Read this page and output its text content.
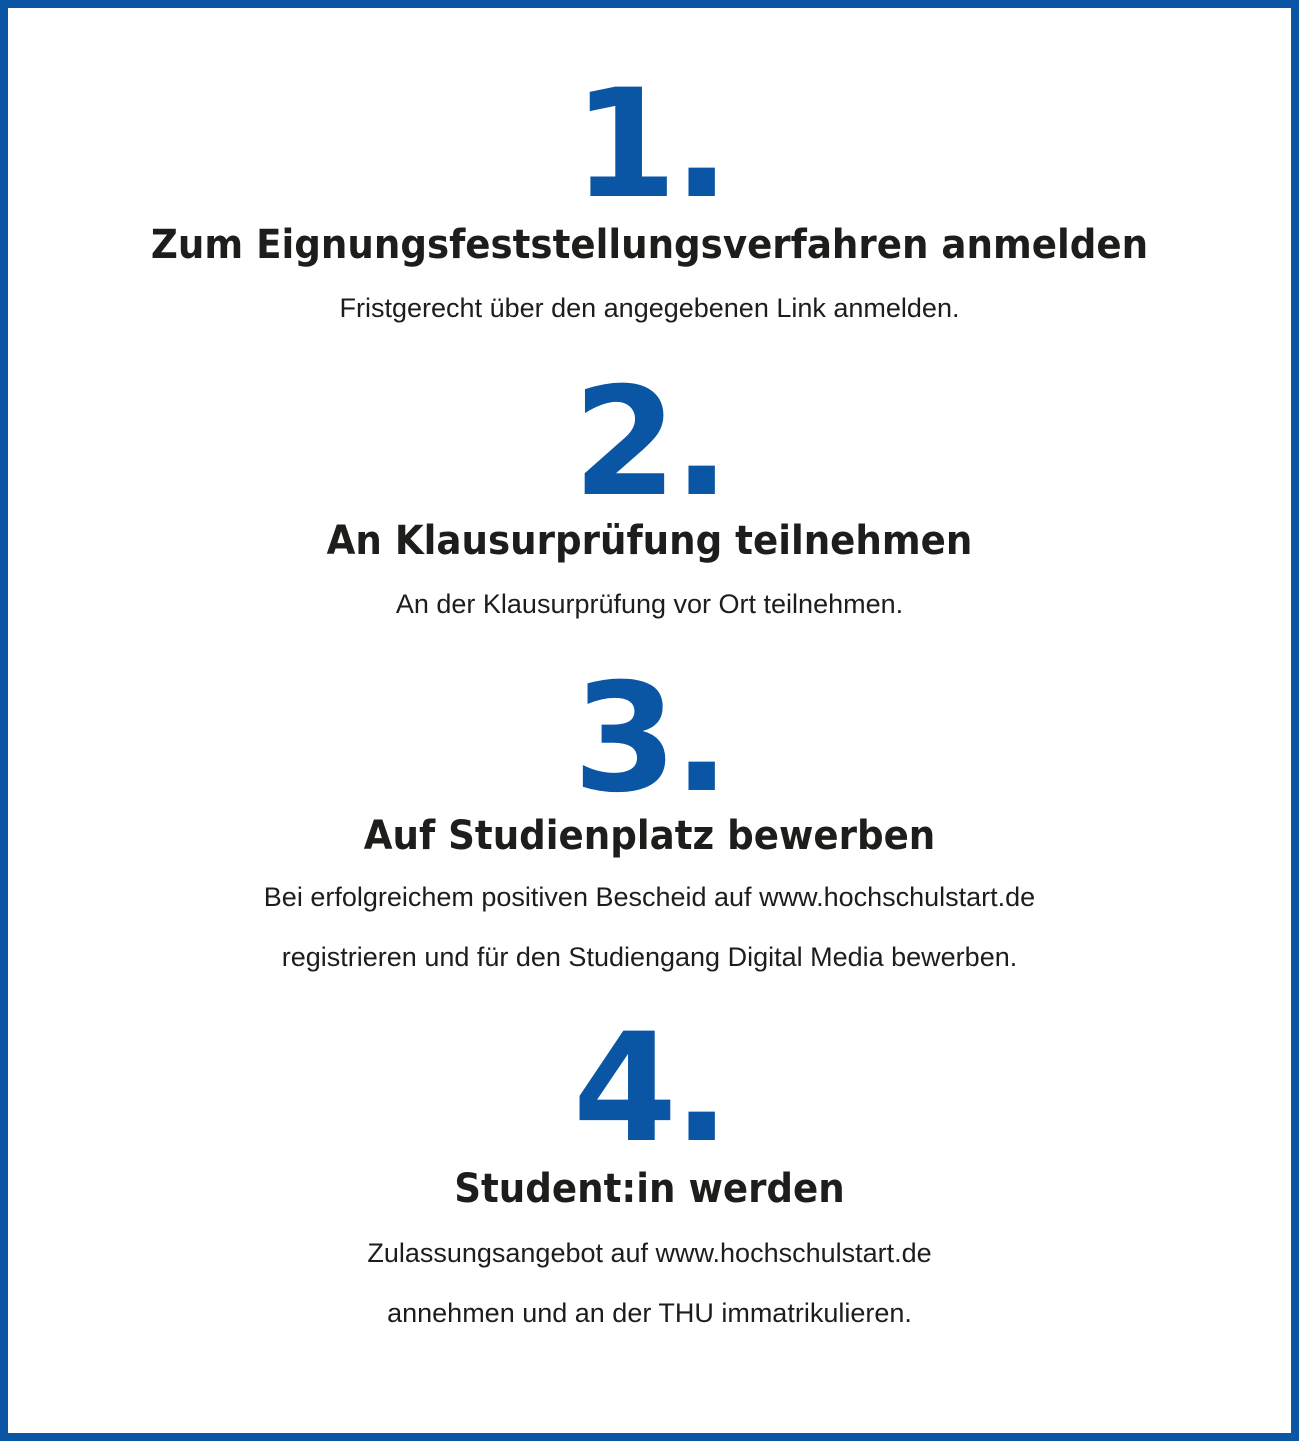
1.
Zum Eignungsfeststellungsverfahren anmelden

Fristgerecht über den angegebenen Link anmelden.

2.
An Klausurprüfung teilnehmen

An der Klausurprüfung vor Ort teilnehmen.

3.
Auf Studienplatz bewerben

Bei erfolgreichem positiven Bescheid auf www.hochschulstart.de

registrieren und für den Studiengang Digital Media bewerben.

4.
Student:in werden

Zulassungsangebot auf www.hochschulstart.de

annehmen und an der THU immatrikulieren.
